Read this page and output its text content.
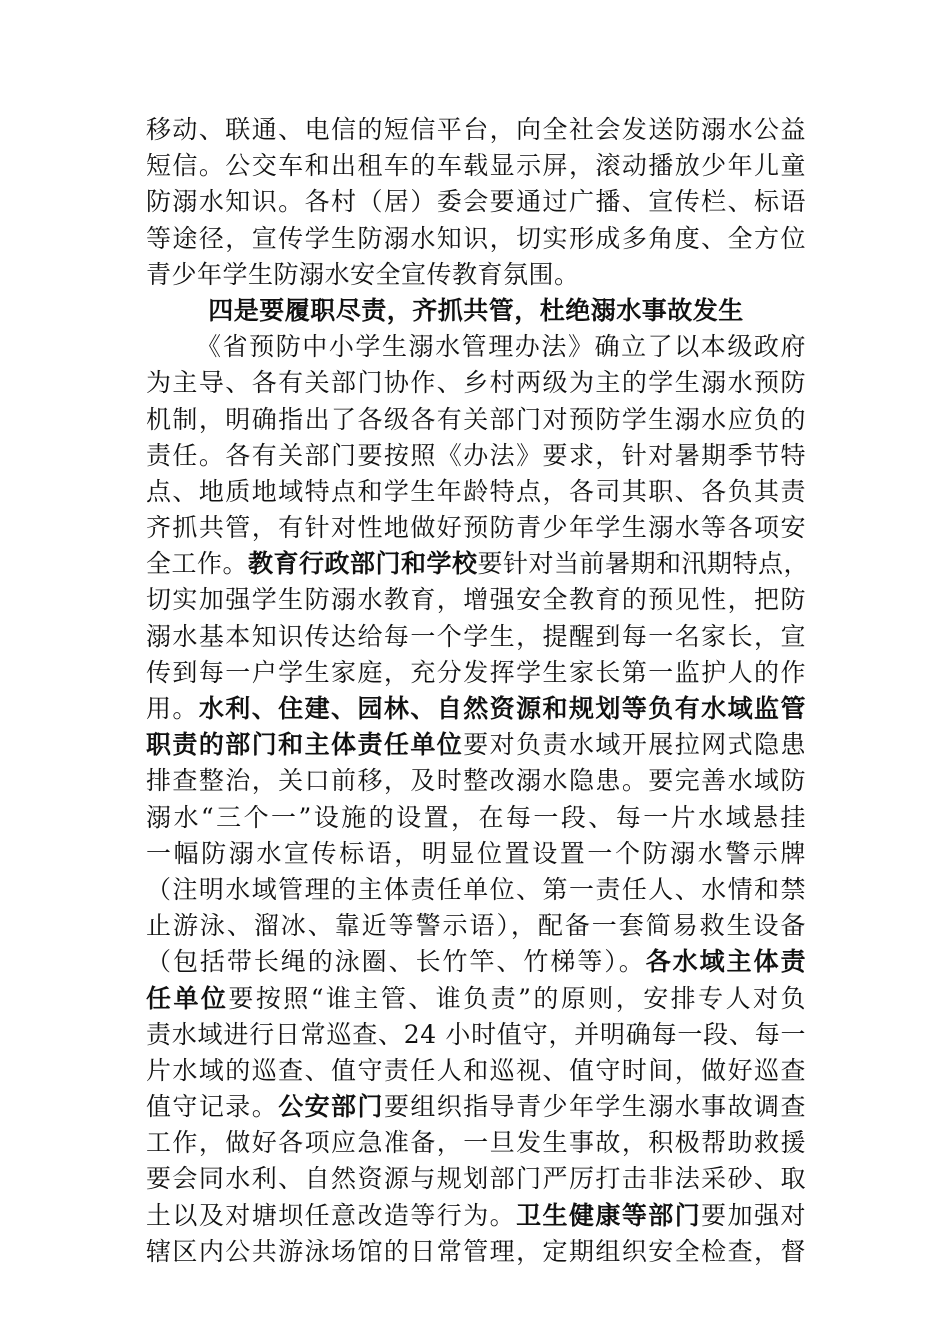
移动、联通、电信的短信平台，向全社会发送防溺水公益
短信。公交车和出租车的车载显示屏，滚动播放少年儿童
防溺水知识。各村（居）委会要通过广播、宣传栏、标语
等途径，宣传学生防溺水知识，切实形成多角度、全方位
青少年学生防溺水安全宣传教育氛围。
四是要履职尽责，齐抓共管，杜绝溺水事故发生
《省预防中小学生溺水管理办法》确立了以本级政府
为主导、各有关部门协作、乡村两级为主的学生溺水预防
机制，明确指出了各级各有关部门对预防学生溺水应负的
责任。各有关部门要按照《办法》要求，针对暑期季节特
点、地质地域特点和学生年龄特点，各司其职、各负其责
齐抓共管，有针对性地做好预防青少年学生溺水等各项安
全工作。教育行政部门和学校要针对当前暑期和汛期特点，
切实加强学生防溺水教育，增强安全教育的预见性，把防
溺水基本知识传达给每一个学生，提醒到每一名家长，宣
传到每一户学生家庭，充分发挥学生家长第一监护人的作
用。水利、住建、园林、自然资源和规划等负有水域监管
职责的部门和主体责任单位要对负责水域开展拉网式隐患
排查整治，关口前移，及时整改溺水隐患。要完善水域防
溺水“三个一”设施的设置，在每一段、每一片水域悬挂
一幅防溺水宣传标语，明显位置设置一个防溺水警示牌
（注明水域管理的主体责任单位、第一责任人、水情和禁
止游泳、溜冰、靠近等警示语），配备一套简易救生设备
（包括带长绳的泳圈、长竹竿、竹梯等）。各水域主体责
任单位要按照“谁主管、谁负责”的原则，安排专人对负
责水域进行日常巡查、24 小时值守，并明确每一段、每一
片水域的巡查、值守责任人和巡视、值守时间，做好巡查
值守记录。公安部门要组织指导青少年学生溺水事故调查
工作，做好各项应急准备，一旦发生事故，积极帮助救援
要会同水利、自然资源与规划部门严厉打击非法采砂、取
土以及对塘坝任意改造等行为。卫生健康等部门要加强对
辖区内公共游泳场馆的日常管理，定期组织安全检查，督
